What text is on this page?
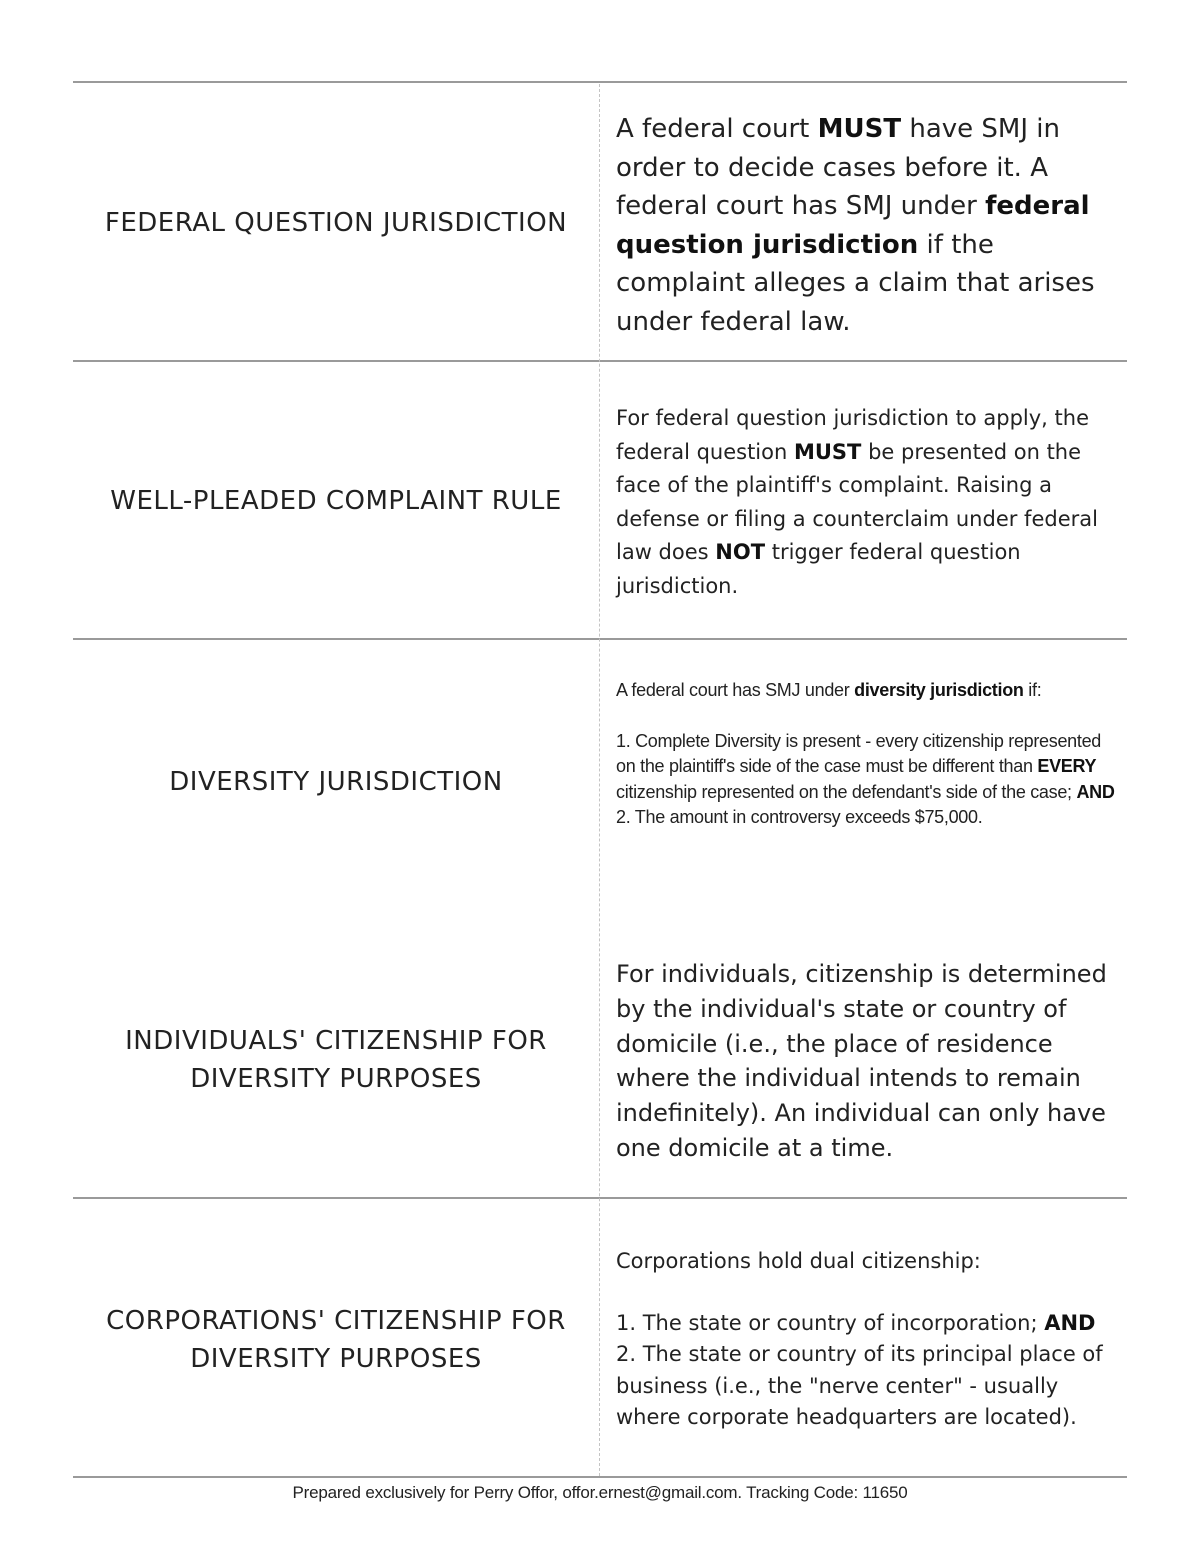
FEDERAL QUESTION JURISDICTION
A federal court MUST have SMJ in order to decide cases before it. A federal court has SMJ under federal question jurisdiction if the complaint alleges a claim that arises under federal law.
WELL-PLEADED COMPLAINT RULE
For federal question jurisdiction to apply, the federal question MUST be presented on the face of the plaintiff's complaint. Raising a defense or filing a counterclaim under federal law does NOT trigger federal question jurisdiction.
DIVERSITY JURISDICTION
A federal court has SMJ under diversity jurisdiction if:
1. Complete Diversity is present - every citizenship represented on the plaintiff's side of the case must be different than EVERY citizenship represented on the defendant's side of the case; AND
2. The amount in controversy exceeds $75,000.
INDIVIDUALS' CITIZENSHIP FOR
DIVERSITY PURPOSES
For individuals, citizenship is determined by the individual's state or country of domicile (i.e., the place of residence where the individual intends to remain indefinitely). An individual can only have one domicile at a time.
CORPORATIONS' CITIZENSHIP FOR
DIVERSITY PURPOSES
Corporations hold dual citizenship:
1. The state or country of incorporation; AND
2. The state or country of its principal place of business (i.e., the "nerve center" - usually where corporate headquarters are located).
Prepared exclusively for Perry Offor, offor.ernest@gmail.com. Tracking Code: 11650
